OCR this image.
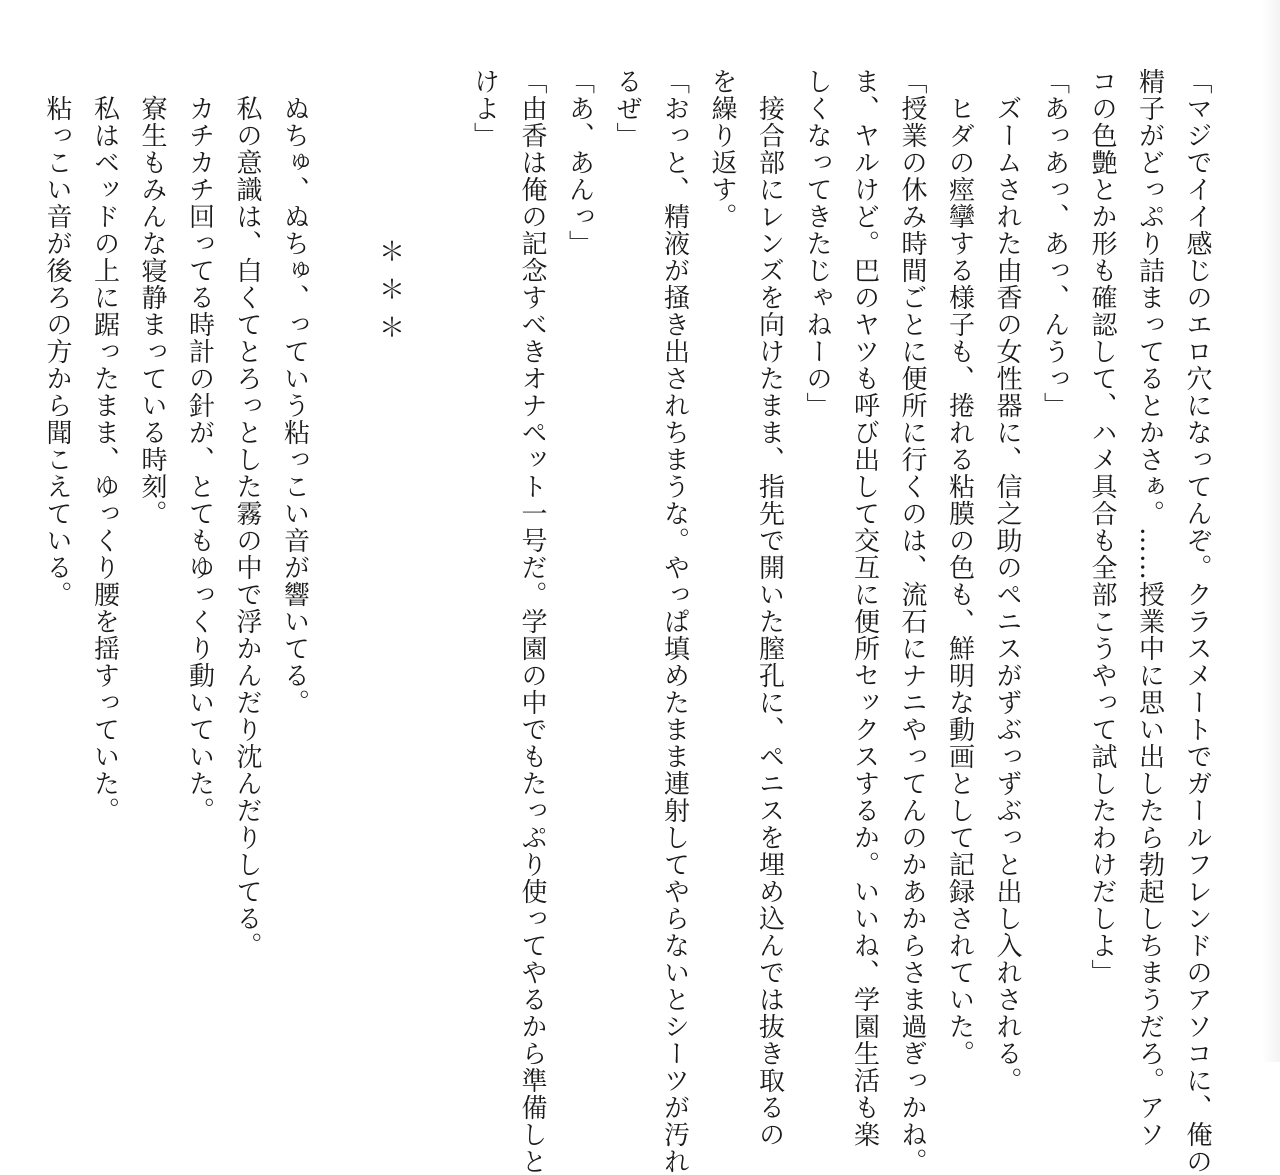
「マジでイイ感じのエロ穴になってんぞ。クラスメートでガールフレンドのアソコに、俺の
精子がどっぷり詰まってるとかさぁ。……授業中に思い出したら勃起しちまうだろ。アソ
コの色艶とか形も確認して、ハメ具合も全部こうやって試したわけだしよ」
「あっあっ、あっ、んうっ」
　ズームされた由香の女性器に、信之助のペニスがずぶっずぶっと出し入れされる。
　ヒダの痙攣する様子も、捲れる粘膜の色も、鮮明な動画として記録されていた。
「授業の休み時間ごとに便所に行くのは、流石にナニやってんのかあからさま過ぎっかね。
ま、ヤルけど。巴のヤツも呼び出して交互に便所セックスするか。いいね、学園生活も楽
しくなってきたじゃねーの」
　接合部にレンズを向けたまま、指先で開いた膣孔に、ペニスを埋め込んでは抜き取るの
を繰り返す。
「おっと、精液が掻き出されちまうな。やっぱ填めたまま連射してやらないとシーツが汚れ
るぜ」
「あ、あんっ」
「由香は俺の記念すべきオナペット一号だ。学園の中でもたっぷり使ってやるから準備しと
けよ」
＊＊＊
　ぬちゅ、ぬちゅ、っていう粘っこい音が響いてる。
　私の意識は、白くてとろっとした霧の中で浮かんだり沈んだりしてる。
　カチカチ回ってる時計の針が、とてもゆっくり動いていた。
　寮生もみんな寝静まっている時刻。
　私はベッドの上に踞ったまま、ゆっくり腰を揺すっていた。
　粘っこい音が後ろの方から聞こえている。
